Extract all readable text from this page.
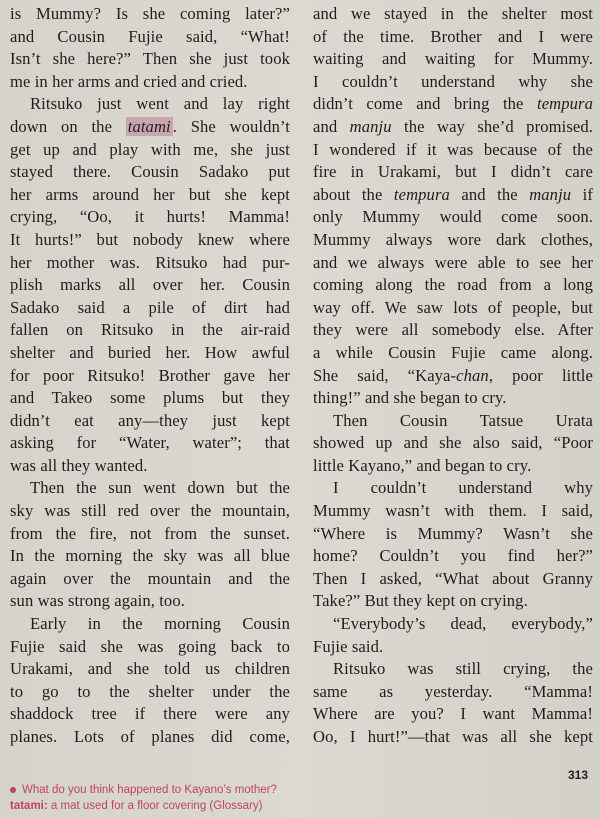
is Mummy? Is she coming later?”
and Cousin Fujie said, “What!
Isn’t she here?” Then she just took
me in her arms and cried and cried.
Ritsuko just went and lay right
down on the tatami . She wouldn’t
get up and play with me, she just
stayed there. Cousin Sadako put
her arms around her but she kept
crying, “Oo, it hurts! Mamma!
It hurts!” but nobody knew where
her mother was. Ritsuko had pur-
plish marks all over her. Cousin
Sadako said a pile of dirt had
fallen on Ritsuko in the air-raid
shelter and buried her. How awful
for poor Ritsuko! Brother gave her
and Takeo some plums but they
didn’t eat any—they just kept
asking for “Water, water”; that
was all they wanted.
Then the sun went down but the
sky was still red over the mountain,
from the fire, not from the sunset.
In the morning the sky was all blue
again over the mountain and the
sun was strong again, too.
Early in the morning Cousin
Fujie said she was going back to
Urakami, and she told us children
to go to the shelter under the
shaddock tree if there were any
planes. Lots of planes did come,
and we stayed in the shelter most
of the time. Brother and I were
waiting and waiting for Mummy.
I couldn’t understand why she
didn’t come and bring the tempura
and manju the way she’d promised.
I wondered if it was because of the
fire in Urakami, but I didn’t care
about the tempura and the manju if
only Mummy would come soon.
Mummy always wore dark clothes,
and we always were able to see her
coming along the road from a long
way off. We saw lots of people, but
they were all somebody else. After
a while Cousin Fujie came along.
She said, “Kaya-chan, poor little
thing!” and she began to cry.
Then Cousin Tatsue Urata
showed up and she also said, “Poor
little Kayano,” and began to cry.
I couldn’t understand why
Mummy wasn’t with them. I said,
“Where is Mummy? Wasn’t she
home? Couldn’t you find her?”
Then I asked, “What about Granny
Take?” But they kept on crying.
“Everybody’s dead, everybody,”
Fujie said.
Ritsuko was still crying, the
same as yesterday. “Mamma!
Where are you? I want Mamma!
Oo, I hurt!”—that was all she kept
313
What do you think happened to Kayano’s mother?
tatami: a mat used for a floor covering (Glossary)
